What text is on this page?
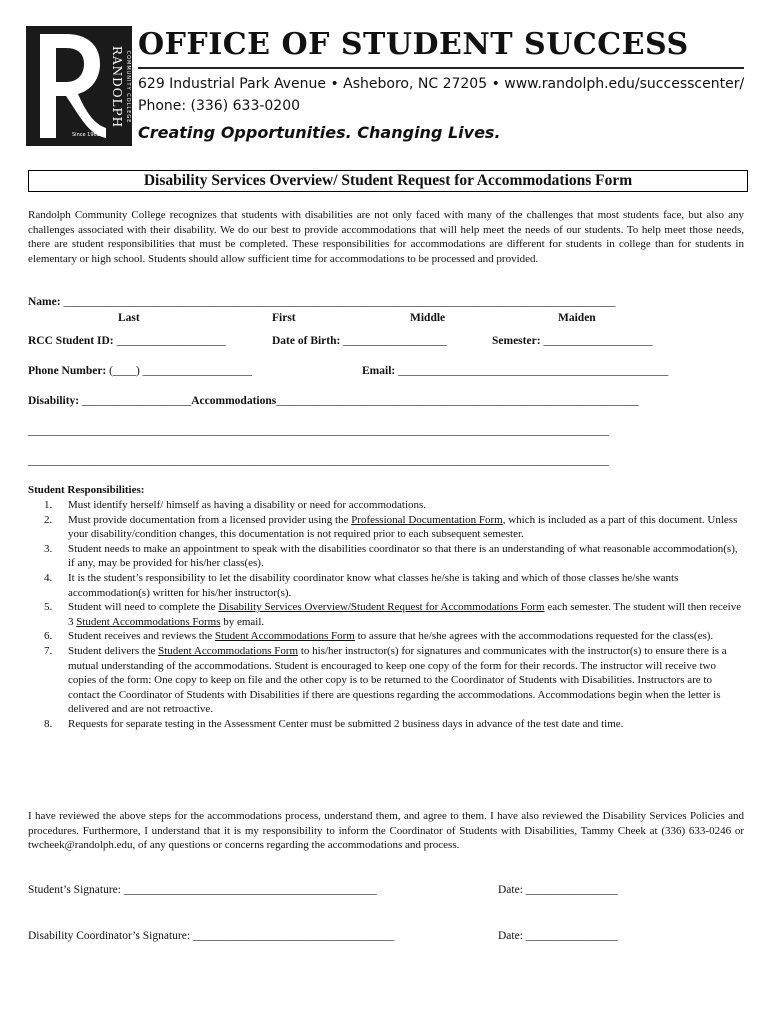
RANDOLPH COMMUNITY COLLEGE
Since 1962
OFFICE OF STUDENT SUCCESS
629 Industrial Park Avenue • Asheboro, NC 27205 • www.randolph.edu/successcenter/
Phone: (336) 633-0200
Creating Opportunities. Changing Lives.
Disability Services Overview/ Student Request for Accommodations Form
Randolph Community College recognizes that students with disabilities are not only faced with many of the challenges that most students face, but also any challenges associated with their disability. We do our best to provide accommodations that will help meet the needs of our students. To help meet those needs, there are student responsibilities that must be completed. These responsibilities for accommodations are different for students in college than for students in elementary or high school. Students should allow sufficient time for accommodations to be processed and provided.
Name: ________________________________________________________________________________________________
Last	First	Middle	Maiden
RCC Student ID: ___________________	Date of Birth: __________________	Semester: ___________________
Phone Number: (____) ___________________	Email: _______________________________________________
Disability: ___________________Accommodations_______________________________________________________________
_____________________________________________________________________________________________________
_____________________________________________________________________________________________________
Student Responsibilities:
1. Must identify herself/ himself as having a disability or need for accommodations.
2. Must provide documentation from a licensed provider using the Professional Documentation Form, which is included as a part of this document. Unless your disability/condition changes, this documentation is not required prior to each subsequent semester.
3. Student needs to make an appointment to speak with the disabilities coordinator so that there is an understanding of what reasonable accommodation(s), if any, may be provided for his/her class(es).
4. It is the student’s responsibility to let the disability coordinator know what classes he/she is taking and which of those classes he/she wants accommodation(s) written for his/her instructor(s).
5. Student will need to complete the Disability Services Overview/Student Request for Accommodations Form each semester. The student will then receive 3 Student Accommodations Forms by email.
6. Student receives and reviews the Student Accommodations Form to assure that he/she agrees with the accommodations requested for the class(es).
7. Student delivers the Student Accommodations Form to his/her instructor(s) for signatures and communicates with the instructor(s) to ensure there is a mutual understanding of the accommodations. Student is encouraged to keep one copy of the form for their records. The instructor will receive two copies of the form: One copy to keep on file and the other copy is to be returned to the Coordinator of Students with Disabilities. Instructors are to contact the Coordinator of Students with Disabilities if there are questions regarding the accommodations. Accommodations begin when the letter is delivered and are not retroactive.
8. Requests for separate testing in the Assessment Center must be submitted 2 business days in advance of the test date and time.
I have reviewed the above steps for the accommodations process, understand them, and agree to them. I have also reviewed the Disability Services Policies and procedures. Furthermore, I understand that it is my responsibility to inform the Coordinator of Students with Disabilities, Tammy Cheek at (336) 633-0246 or twcheek@randolph.edu, of any questions or concerns regarding the accommodations and process.
Student’s Signature: ____________________________________________	Date: ________________
Disability Coordinator’s Signature: ___________________________________	Date: ________________
